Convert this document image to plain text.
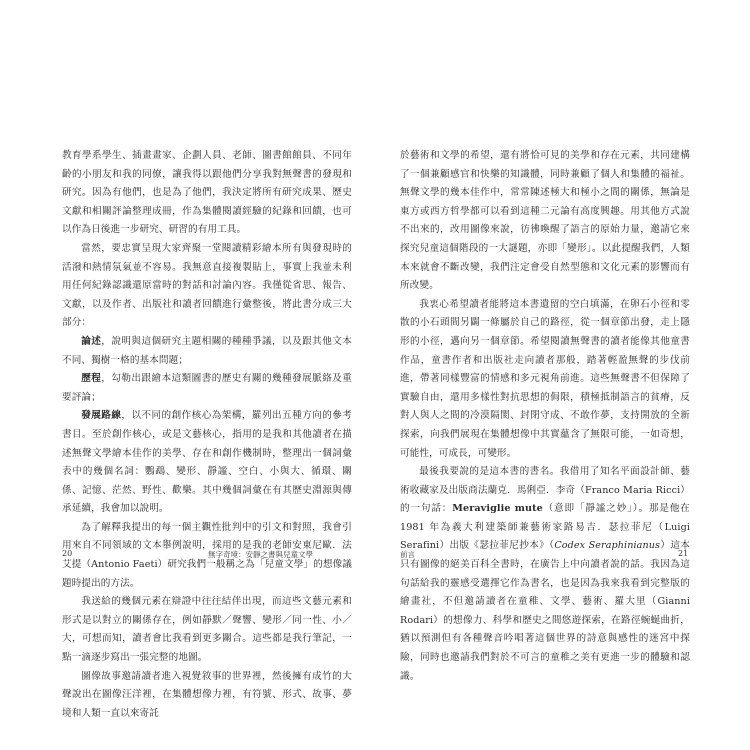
教育學系學生、插畫畫家、企劃人員、老師、圖書館館員、不同年齡的小朋友和我的同僚，讓我得以跟他們分享我對無聲書的發現和研究。因為有他們，也是為了他們，我決定將所有研究成果、歷史文獻和相關評論整理成冊，作為集體閱讀經驗的紀錄和回饋，也可以作為日後進一步研究、研習的有用工具。

當然，要忠實呈現大家齊聚一堂閱讀精彩繪本所有與發現時的活潑和熱情氛氣並不容易。我無意直接複製貼上，事實上我並未利用任何紀錄認識還原當時的對話和討論內容。我僅從省思、報告、文獻，以及作者、出版社和讀者回饋進行彙整後，將此書分成三大部分：

論述，說明與這個研究主題相關的種種爭議，以及跟其他文本不同、獨樹一格的基本問題；

歷程，勾勒出跟繪本這類圖書的歷史有關的幾種發展脈絡及重要評論；

發展路線，以不同的創作核心為架構，羅列出五種方向的參考書目。至於創作核心，或是文藝核心，指用的是我和其他讀者在描述無聲文學繪本佳作的美學、存在和創作機制時，整理出一個詞彙表中的幾個名詞：鸚鵡、變形、靜謐、空白、小與大、循環、關係、記憶、茫然、野性、歡樂。其中幾個詞彙在有其歷史淵源與傳承延續，我會加以說明。

為了解釋我提出的每一個主觀性批判中的引文和對照，我會引用來自不同領域的文本舉例說明，採用的是我的老師安東尼歐．法艾提（Antonio Faeti）研究我們一般稱之為「兒童文學」的想像議題時提出的方法。

我送給的幾個元素在辯證中往往結伴出現，而這些文藝元素和形式是以對立的關係存在，例如靜默／聲響、變形／同一性、小／大，可想而知，讀者會比我看到更多關合。這些都是我行筆記，一點一滴逐步寫出一張完整的地圖。

圖像故事邀請讀者進入視覺敘事的世界裡，然後擁有成竹的大聲說出在圖像汪洋裡，在集體想像力裡，有符號、形式、故事、夢境和人類一直以來寄託

於藝術和文學的希望，還有將恰可見的美學和存在元素，共同建構了一個兼顧感官和快樂的知識體，同時兼顧了個人和集體的福祉。無聲文學的幾本佳作中，常常陳述極大和極小之間的關係，無論是東方或西方哲學都可以看到這種二元論有高度興趣。用其他方式說不出來的，改用圖像來說，彷彿喚醒了語言的原始力量，邀請它來探究兒童這個階段的一大謎題，亦即「變形」。以此提醒我們，人類本來就會不斷改變，我們注定會受自然型態和文化元素的影響而有所改變。

我衷心希望讀者能將這本書遺留的空白填滿，在卵石小徑和零散的小石頭間另闢一條屬於自己的路徑，從一個章節出發，走上隱形的小徑，邁向另一個章節。希望閱讀無聲書的讀者能像其他童書作品，童書作者和出版社走向讀者那般，踏著輕盈無聲的步伐前進，帶著同樣豐富的情感和多元視角前進。這些無聲書不但保障了實驗自由，還用多樣性對抗思想的侷限，積極抵制語言的貧瘠，反對人與人之間的冷漠隔閡、封閉守成、不敢作夢，支持開放的全新探索，向我們展現在集體想像中其實蘊含了無限可能，一如奇想，可能性，可成長，可變形。

最後我要說的是這本書的書名。我借用了知名平面設計師、藝術收藏家及出版商法蘭克．馬俐亞．李奇（Franco Maria Ricci）的一句話：Meraviglie mute（意即「靜謐之妙」）。那是他在 1981 年為義大利建築師兼藝術家路易吉．瑟拉菲尼（Luigi Serafini）出版《瑟拉菲尼抄本》（Codex Seraphinianus）這本只有圖像的絕美百科全書時，在廣告上中向讀者說的話。我因為這句話給我的靈感受選擇它作為書名，也是因為我來我看到完整版的繪畫社，不但邀請讀者在童稚、文學、藝術、羅大里（Gianni Rodari）的想像力、科學和歷史之間悠遊探索，在路徑蜿蜒曲折，猶以預測但有各種聲音吟唱著這個世界的詩意與感性的迷宮中探險，同時也邀請我們對於不可言的童稚之美有更進一步的體驗和認識。

20	無字奇境：安靜之書與兒童文學	前言	21
